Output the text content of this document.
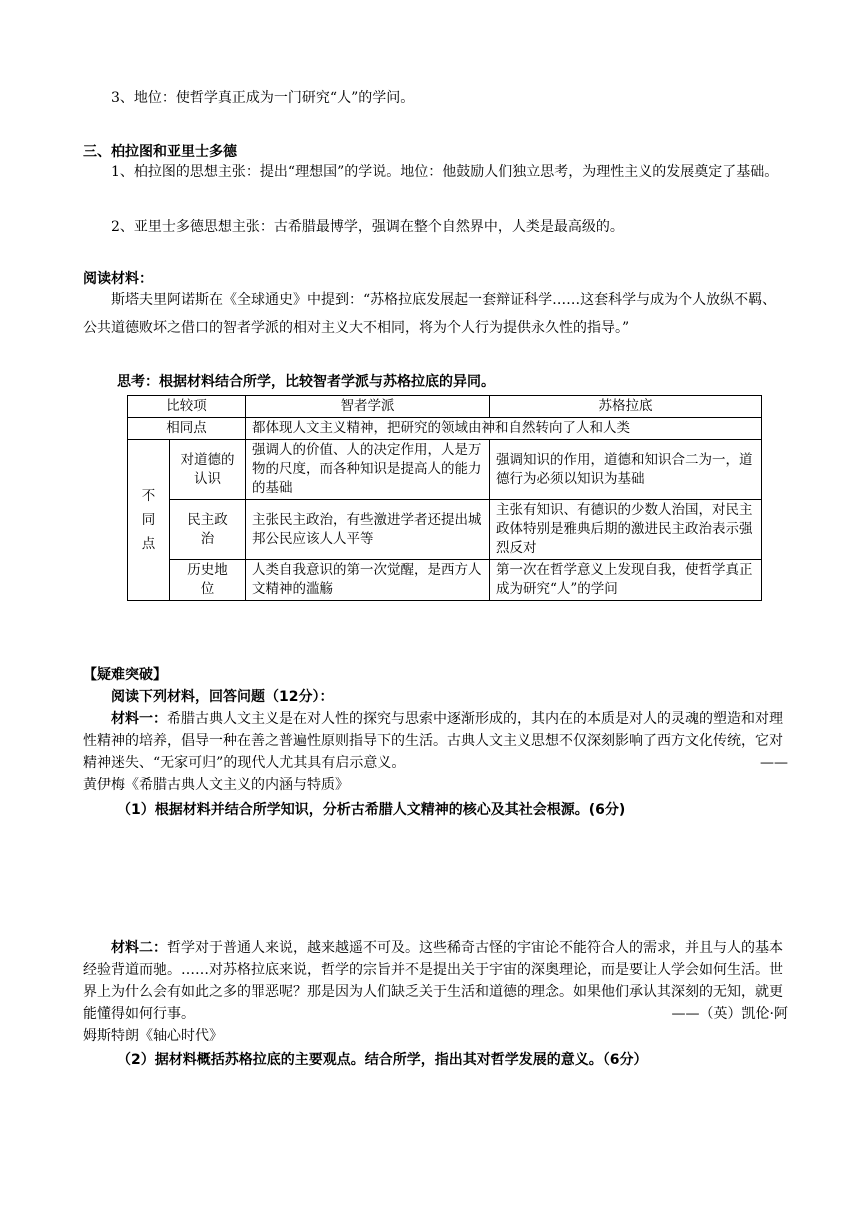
3、地位：使哲学真正成为一门研究“人”的学问。
三、柏拉图和亚里士多德
1、柏拉图的思想主张：提出“理想国”的学说。地位：他鼓励人们独立思考，为理性主义的发展奠定了基础。
2、亚里士多德思想主张：古希腊最博学，强调在整个自然界中，人类是最高级的。
阅读材料：
斯塔夫里阿诺斯在《全球通史》中提到：“苏格拉底发展起一套辩证科学……这套科学与成为个人放纵不羁、公共道德败坏之借口的智者学派的相对主义大不相同，将为个人行为提供永久性的指导。”
思考：根据材料结合所学，比较智者学派与苏格拉底的异同。
比较项		智者学派	苏格拉底
相同点		都体现人文主义精神，把研究的领域由神和自然转向了人和人类	
不同点	对道德的认识	强调人的价值、人的决定作用，人是万物的尺度，而各种知识是提高人的能力的基础	强调知识的作用，道德和知识合二为一，道德行为必须以知识为基础
	民主政治	主张民主政治，有些激进学者还提出城邦公民应该人人平等	主张有知识、有德识的少数人治国，对民主政体特别是雅典后期的激进民主政治表示强烈反对
	历史地位	人类自我意识的第一次觉醒，是西方人文精神的滥觞	第一次在哲学意义上发现自我，使哲学真正成为研究“人”的学问
【疑难突破】
阅读下列材料，回答问题（12分）：
材料一：希腊古典人文主义是在对人性的探究与思索中逐渐形成的，其内在的本质是对人的灵魂的塑造和对理性精神的培养，倡导一种在善之普遍性原则指导下的生活。古典人文主义思想不仅深刻影响了西方文化传统，它对精神迷失、“无家可归”的现代人尤其具有启示意义。	——
黄伊梅《希腊古典人文主义的内涵与特质》
（1）根据材料并结合所学知识，分析古希腊人文精神的核心及其社会根源。(6分)
材料二：哲学对于普通人来说，越来越遥不可及。这些稀奇古怪的宇宙论不能符合人的需求，并且与人的基本经验背道而驰。……对苏格拉底来说，哲学的宗旨并不是提出关于宇宙的深奥理论，而是要让人学会如何生活。世界上为什么会有如此之多的罪恶呢？那是因为人们缺乏关于生活和道德的理念。如果他们承认其深刻的无知，就更能懂得如何行事。	——（英）凯伦·阿
姆斯特朗《轴心时代》
（2）据材料概括苏格拉底的主要观点。结合所学，指出其对哲学发展的意义。（6分）
